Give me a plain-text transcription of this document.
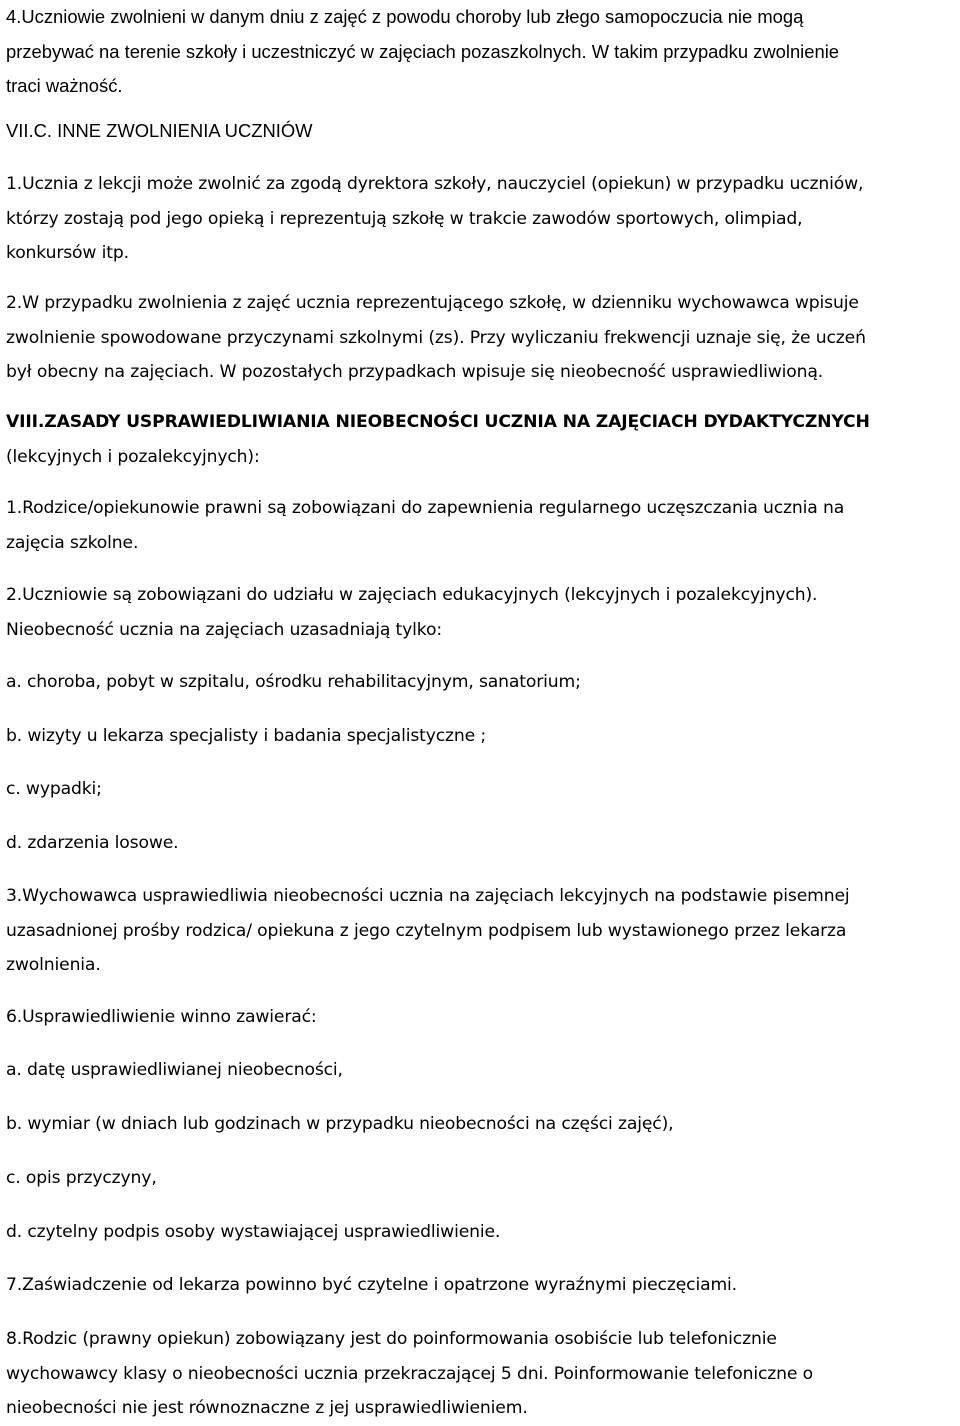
4.Uczniowie zwolnieni w danym dniu z zajęć z powodu choroby lub złego samopoczucia nie mogą
przebywać na terenie szkoły i uczestniczyć w zajęciach pozaszkolnych. W takim przypadku zwolnienie
traci ważność.
VII.C. INNE ZWOLNIENIA UCZNIÓW
1.Ucznia z lekcji może zwolnić za zgodą dyrektora szkoły, nauczyciel (opiekun) w przypadku uczniów,
którzy zostają pod jego opieką i reprezentują szkołę w trakcie zawodów sportowych, olimpiad,
konkursów itp.
2.W przypadku zwolnienia z zajęć ucznia reprezentującego szkołę, w dzienniku wychowawca wpisuje
zwolnienie spowodowane przyczynami szkolnymi (zs). Przy wyliczaniu frekwencji uznaje się, że uczeń
był obecny na zajęciach. W pozostałych przypadkach wpisuje się nieobecność usprawiedliwioną.
VIII.ZASADY USPRAWIEDLIWIANIA NIEOBECNOŚCI UCZNIA NA ZAJĘCIACH DYDAKTYCZNYCH
(lekcyjnych i pozalekcyjnych):
1.Rodzice/opiekunowie prawni są zobowiązani do zapewnienia regularnego uczęszczania ucznia na
zajęcia szkolne.
2.Uczniowie są zobowiązani do udziału w zajęciach edukacyjnych (lekcyjnych i pozalekcyjnych).
Nieobecność ucznia na zajęciach uzasadniają tylko:
a. choroba, pobyt w szpitalu, ośrodku rehabilitacyjnym, sanatorium;
b. wizyty u lekarza specjalisty i badania specjalistyczne ;
c. wypadki;
d. zdarzenia losowe.
3.Wychowawca usprawiedliwia nieobecności ucznia na zajęciach lekcyjnych na podstawie pisemnej
uzasadnionej prośby rodzica/ opiekuna z jego czytelnym podpisem lub wystawionego przez lekarza
zwolnienia.
6.Usprawiedliwienie winno zawierać:
a. datę usprawiedliwianej nieobecności,
b. wymiar (w dniach lub godzinach w przypadku nieobecności na części zajęć),
c. opis przyczyny,
d. czytelny podpis osoby wystawiającej usprawiedliwienie.
7.Zaświadczenie od lekarza powinno być czytelne i opatrzone wyraźnymi pieczęciami.
8.Rodzic (prawny opiekun) zobowiązany jest do poinformowania osobiście lub telefonicznie
wychowawcy klasy o nieobecności ucznia przekraczającej 5 dni. Poinformowanie telefoniczne o
nieobecności nie jest równoznaczne z jej usprawiedliwieniem.
